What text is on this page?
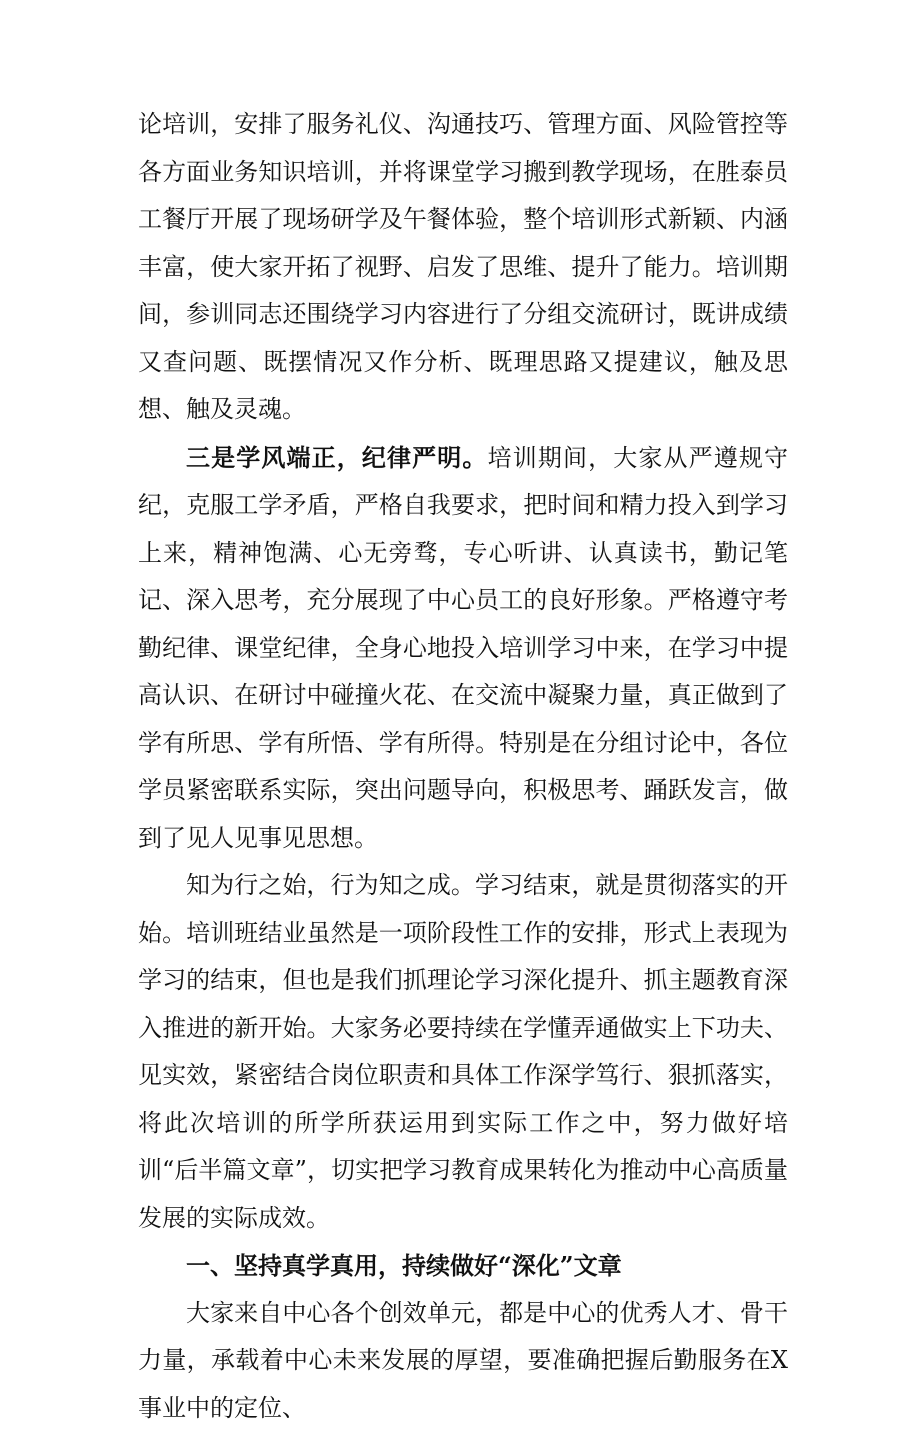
论培训，安排了服务礼仪、沟通技巧、管理方面、风险管控等各方面业务知识培训，并将课堂学习搬到教学现场，在胜泰员工餐厅开展了现场研学及午餐体验，整个培训形式新颖、内涵丰富，使大家开拓了视野、启发了思维、提升了能力。培训期间，参训同志还围绕学习内容进行了分组交流研讨，既讲成绩又查问题、既摆情况又作分析、既理思路又提建议，触及思想、触及灵魂。

三是学风端正，纪律严明。培训期间，大家从严遵规守纪，克服工学矛盾，严格自我要求，把时间和精力投入到学习上来，精神饱满、心无旁骛，专心听讲、认真读书，勤记笔记、深入思考，充分展现了中心员工的良好形象。严格遵守考勤纪律、课堂纪律，全身心地投入培训学习中来，在学习中提高认识、在研讨中碰撞火花、在交流中凝聚力量，真正做到了学有所思、学有所悟、学有所得。特别是在分组讨论中，各位学员紧密联系实际，突出问题导向，积极思考、踊跃发言，做到了见人见事见思想。

知为行之始，行为知之成。学习结束，就是贯彻落实的开始。培训班结业虽然是一项阶段性工作的安排，形式上表现为学习的结束，但也是我们抓理论学习深化提升、抓主题教育深入推进的新开始。大家务必要持续在学懂弄通做实上下功夫、见实效，紧密结合岗位职责和具体工作深学笃行、狠抓落实，将此次培训的所学所获运用到实际工作之中，努力做好培训“后半篇文章”，切实把学习教育成果转化为推动中心高质量发展的实际成效。

一、坚持真学真用，持续做好“深化”文章

大家来自中心各个创效单元，都是中心的优秀人才、骨干力量，承载着中心未来发展的厚望，要准确把握后勤服务在X事业中的定位、
